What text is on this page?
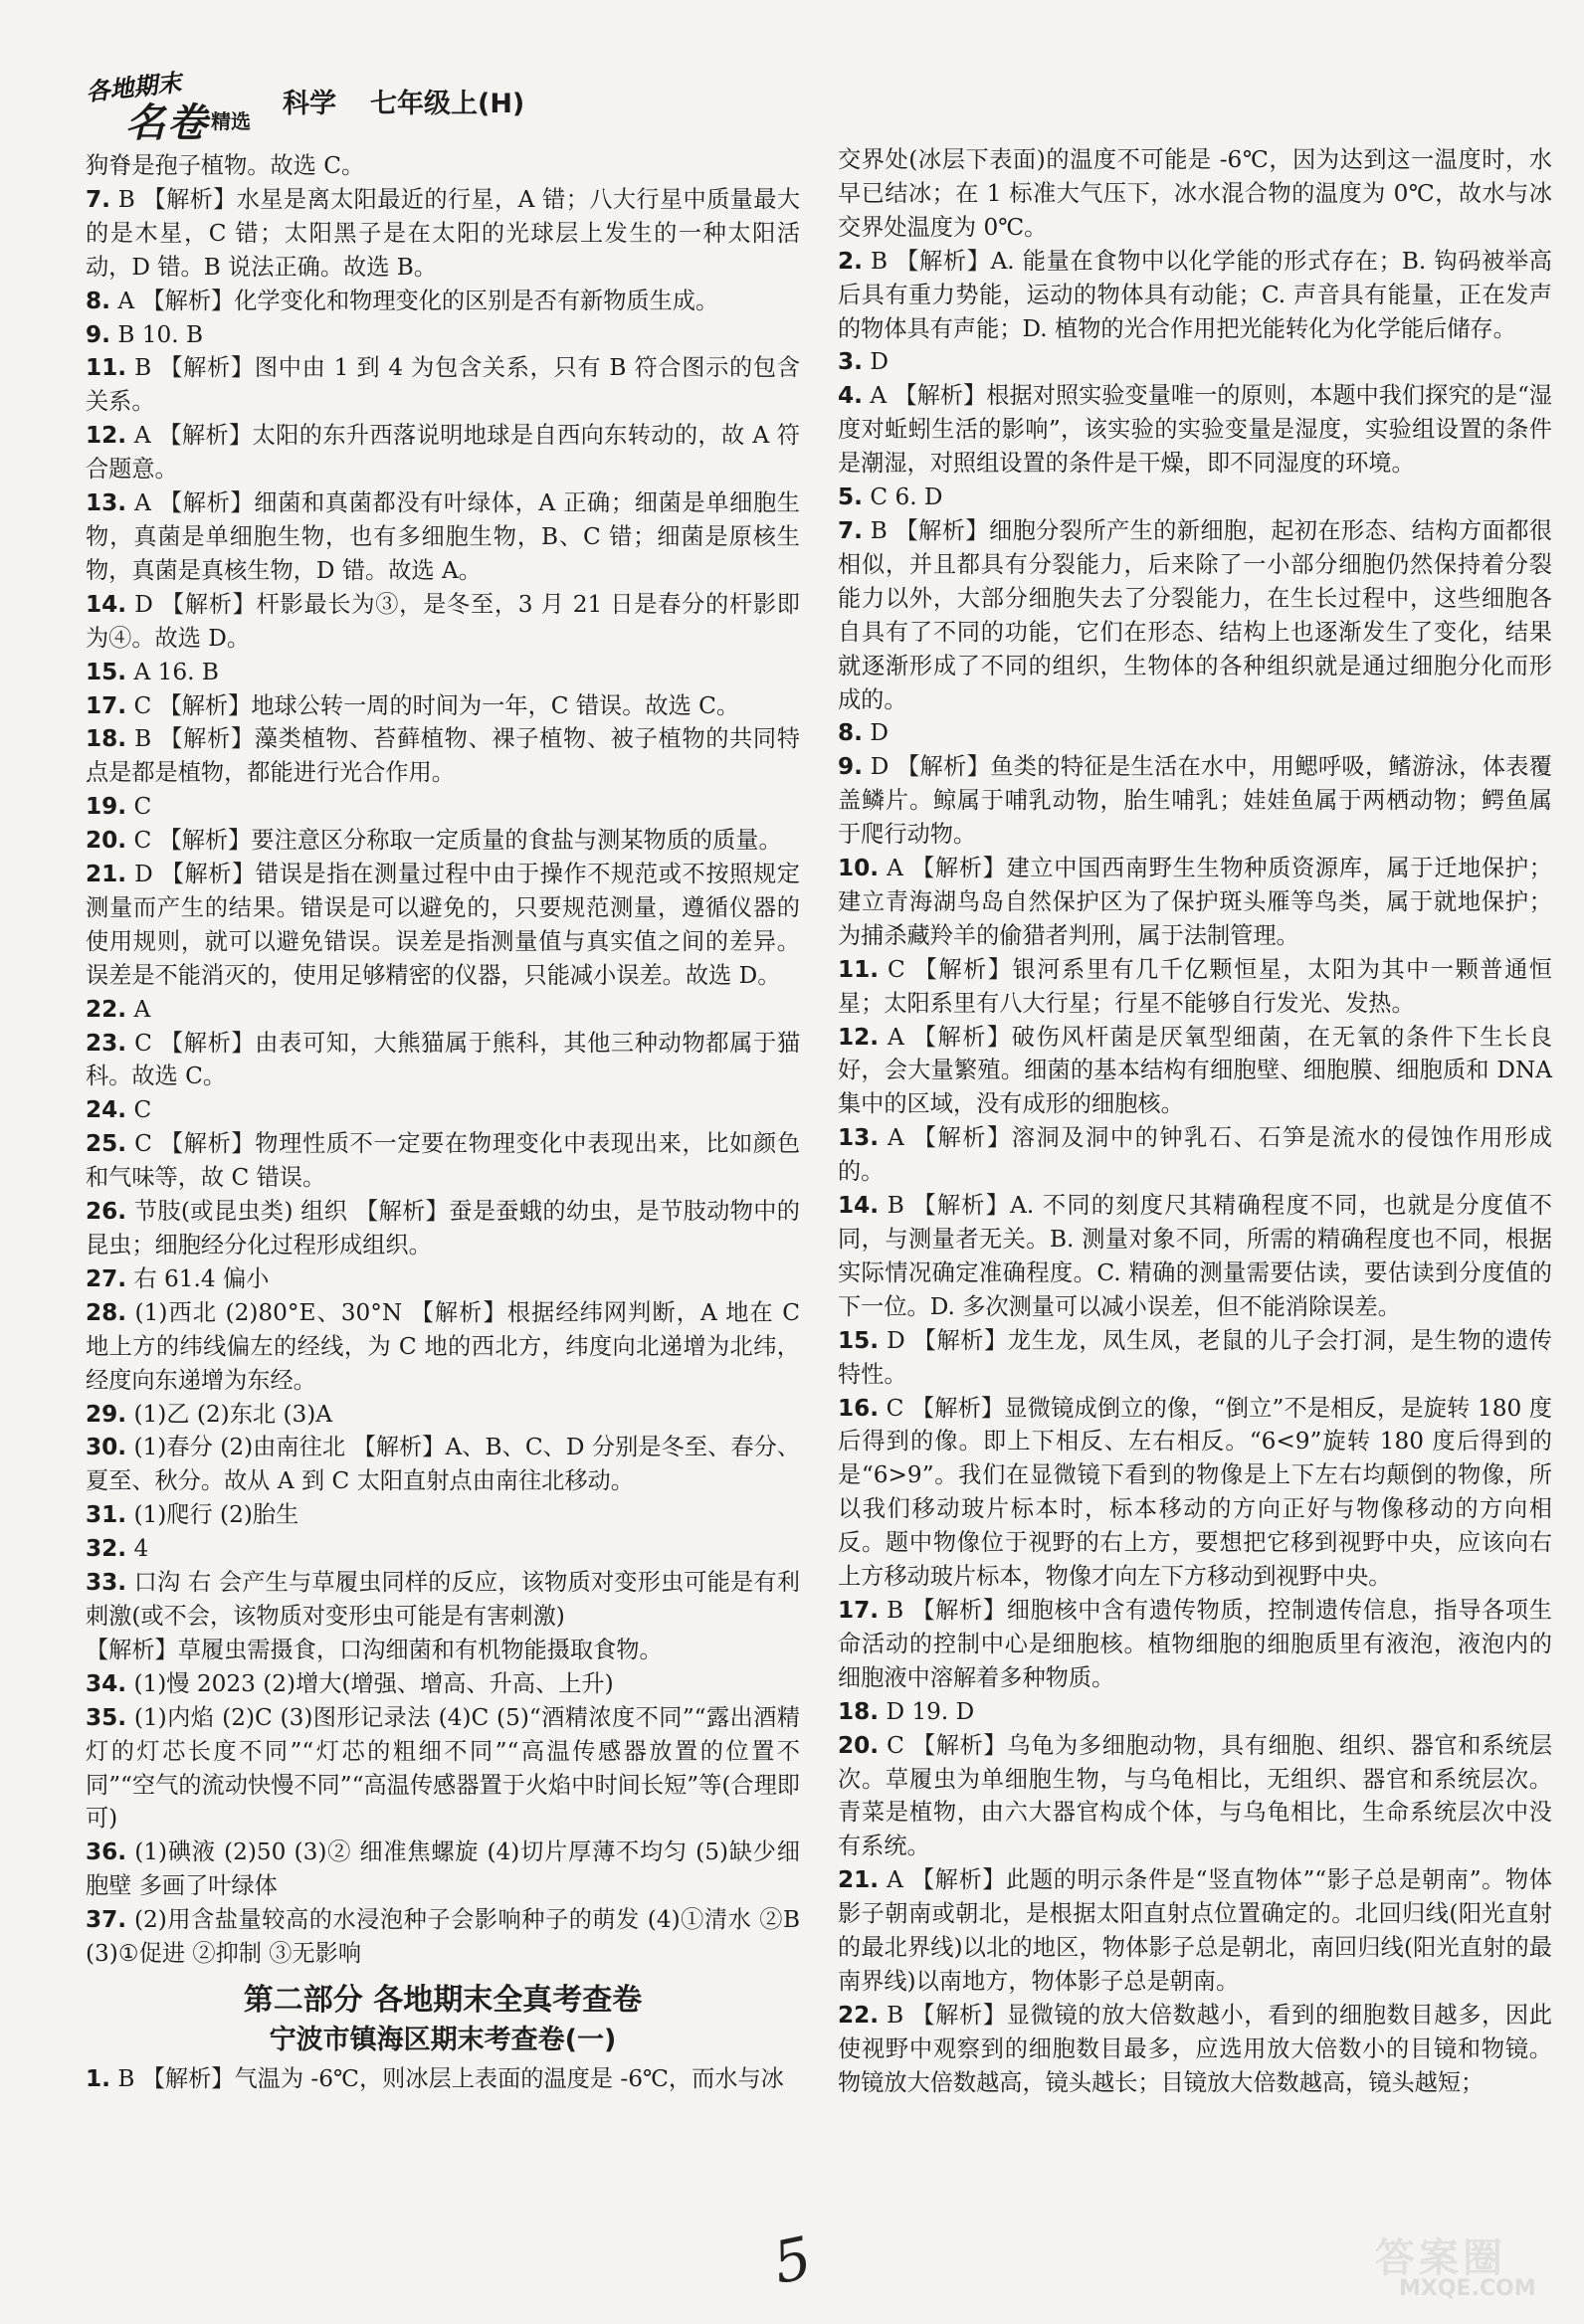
各地期末
名卷 精选
科学 七年级上(H)

狗脊是孢子植物。故选 C。

7. B 【解析】水星是离太阳最近的行星，A 错；八大行星中质量最大的是木星，C 错；太阳黑子是在太阳的光球层上发生的一种太阳活动，D 错。B 说法正确。故选 B。

8. A 【解析】化学变化和物理变化的区别是否有新物质生成。

9. B 10. B

11. B 【解析】图中由 1 到 4 为包含关系，只有 B 符合图示的包含关系。

12. A 【解析】太阳的东升西落说明地球是自西向东转动的，故 A 符合题意。

13. A 【解析】细菌和真菌都没有叶绿体，A 正确；细菌是单细胞生物，真菌是单细胞生物，也有多细胞生物，B、C 错；细菌是原核生物，真菌是真核生物，D 错。故选 A。

14. D 【解析】杆影最长为③，是冬至，3 月 21 日是春分的杆影即为④。故选 D。

15. A 16. B

17. C 【解析】地球公转一周的时间为一年，C 错误。故选 C。

18. B 【解析】藻类植物、苔藓植物、裸子植物、被子植物的共同特点是都是植物，都能进行光合作用。

19. C

20. C 【解析】要注意区分称取一定质量的食盐与测某物质的质量。

21. D 【解析】错误是指在测量过程中由于操作不规范或不按照规定测量而产生的结果。错误是可以避免的，只要规范测量，遵循仪器的使用规则，就可以避免错误。误差是指测量值与真实值之间的差异。误差是不能消灭的，使用足够精密的仪器，只能减小误差。故选 D。

22. A

23. C 【解析】由表可知，大熊猫属于熊科，其他三种动物都属于猫科。故选 C。

24. C

25. C 【解析】物理性质不一定要在物理变化中表现出来，比如颜色和气味等，故 C 错误。

26. 节肢(或昆虫类) 组织 【解析】蚕是蚕蛾的幼虫，是节肢动物中的昆虫；细胞经分化过程形成组织。

27. 右 61.4 偏小

28. (1)西北 (2)80°E、30°N 【解析】根据经纬网判断，A 地在 C 地上方的纬线偏左的经线，为 C 地的西北方，纬度向北递增为北纬，经度向东递增为东经。

29. (1)乙 (2)东北 (3)A

30. (1)春分 (2)由南往北 【解析】A、B、C、D 分别是冬至、春分、夏至、秋分。故从 A 到 C 太阳直射点由南往北移动。

31. (1)爬行 (2)胎生

32. 4

33. 口沟 右 会产生与草履虫同样的反应，该物质对变形虫可能是有利刺激(或不会，该物质对变形虫可能是有害刺激)

【解析】草履虫需摄食，口沟细菌和有机物能摄取食物。

34. (1)慢 2023 (2)增大(增强、增高、升高、上升)

35. (1)内焰 (2)C (3)图形记录法 (4)C (5)“酒精浓度不同”“露出酒精灯的灯芯长度不同”“灯芯的粗细不同”“高温传感器放置的位置不同”“空气的流动快慢不同”“高温传感器置于火焰中时间长短”等(合理即可)

36. (1)碘液 (2)50 (3)② 细准焦螺旋 (4)切片厚薄不均匀 (5)缺少细胞壁 多画了叶绿体

37. (2)用含盐量较高的水浸泡种子会影响种子的萌发 (4)①清水 ②B (3)①促进 ②抑制 ③无影响

第二部分 各地期末全真考查卷
宁波市镇海区期末考查卷(一)

1. B 【解析】气温为 -6℃，则冰层上表面的温度是 -6℃，而水与冰

交界处(冰层下表面)的温度不可能是 -6℃，因为达到这一温度时，水早已结冰；在 1 标准大气压下，冰水混合物的温度为 0℃，故水与冰交界处温度为 0℃。

2. B 【解析】A. 能量在食物中以化学能的形式存在；B. 钩码被举高后具有重力势能，运动的物体具有动能；C. 声音具有能量，正在发声的物体具有声能；D. 植物的光合作用把光能转化为化学能后储存。

3. D

4. A 【解析】根据对照实验变量唯一的原则，本题中我们探究的是“湿度对蚯蚓生活的影响”，该实验的实验变量是湿度，实验组设置的条件是潮湿，对照组设置的条件是干燥，即不同湿度的环境。

5. C 6. D

7. B 【解析】细胞分裂所产生的新细胞，起初在形态、结构方面都很相似，并且都具有分裂能力，后来除了一小部分细胞仍然保持着分裂能力以外，大部分细胞失去了分裂能力，在生长过程中，这些细胞各自具有了不同的功能，它们在形态、结构上也逐渐发生了变化，结果就逐渐形成了不同的组织，生物体的各种组织就是通过细胞分化而形成的。

8. D

9. D 【解析】鱼类的特征是生活在水中，用鳃呼吸，鳍游泳，体表覆盖鳞片。鲸属于哺乳动物，胎生哺乳；娃娃鱼属于两栖动物；鳄鱼属于爬行动物。

10. A 【解析】建立中国西南野生生物种质资源库，属于迁地保护；建立青海湖鸟岛自然保护区为了保护斑头雁等鸟类，属于就地保护；为捕杀藏羚羊的偷猎者判刑，属于法制管理。

11. C 【解析】银河系里有几千亿颗恒星，太阳为其中一颗普通恒星；太阳系里有八大行星；行星不能够自行发光、发热。

12. A 【解析】破伤风杆菌是厌氧型细菌，在无氧的条件下生长良好，会大量繁殖。细菌的基本结构有细胞壁、细胞膜、细胞质和 DNA 集中的区域，没有成形的细胞核。

13. A 【解析】溶洞及洞中的钟乳石、石笋是流水的侵蚀作用形成的。

14. B 【解析】A. 不同的刻度尺其精确程度不同，也就是分度值不同，与测量者无关。B. 测量对象不同，所需的精确程度也不同，根据实际情况确定准确程度。C. 精确的测量需要估读，要估读到分度值的下一位。D. 多次测量可以减小误差，但不能消除误差。

15. D 【解析】龙生龙，凤生凤，老鼠的儿子会打洞，是生物的遗传特性。

16. C 【解析】显微镜成倒立的像，“倒立”不是相反，是旋转 180 度后得到的像。即上下相反、左右相反。“6<9”旋转 180 度后得到的是“6>9”。我们在显微镜下看到的物像是上下左右均颠倒的物像，所以我们移动玻片标本时，标本移动的方向正好与物像移动的方向相反。题中物像位于视野的右上方，要想把它移到视野中央，应该向右上方移动玻片标本，物像才向左下方移动到视野中央。

17. B 【解析】细胞核中含有遗传物质，控制遗传信息，指导各项生命活动的控制中心是细胞核。植物细胞的细胞质里有液泡，液泡内的细胞液中溶解着多种物质。

18. D 19. D

20. C 【解析】乌龟为多细胞动物，具有细胞、组织、器官和系统层次。草履虫为单细胞生物，与乌龟相比，无组织、器官和系统层次。青菜是植物，由六大器官构成个体，与乌龟相比，生命系统层次中没有系统。

21. A 【解析】此题的明示条件是“竖直物体”“影子总是朝南”。物体影子朝南或朝北，是根据太阳直射点位置确定的。北回归线(阳光直射的最北界线)以北的地区，物体影子总是朝北，南回归线(阳光直射的最南界线)以南地方，物体影子总是朝南。

22. B 【解析】显微镜的放大倍数越小，看到的细胞数目越多，因此使视野中观察到的细胞数目最多，应选用放大倍数小的目镜和物镜。物镜放大倍数越高，镜头越长；目镜放大倍数越高，镜头越短；

5	答案圈
MXQE.COM
